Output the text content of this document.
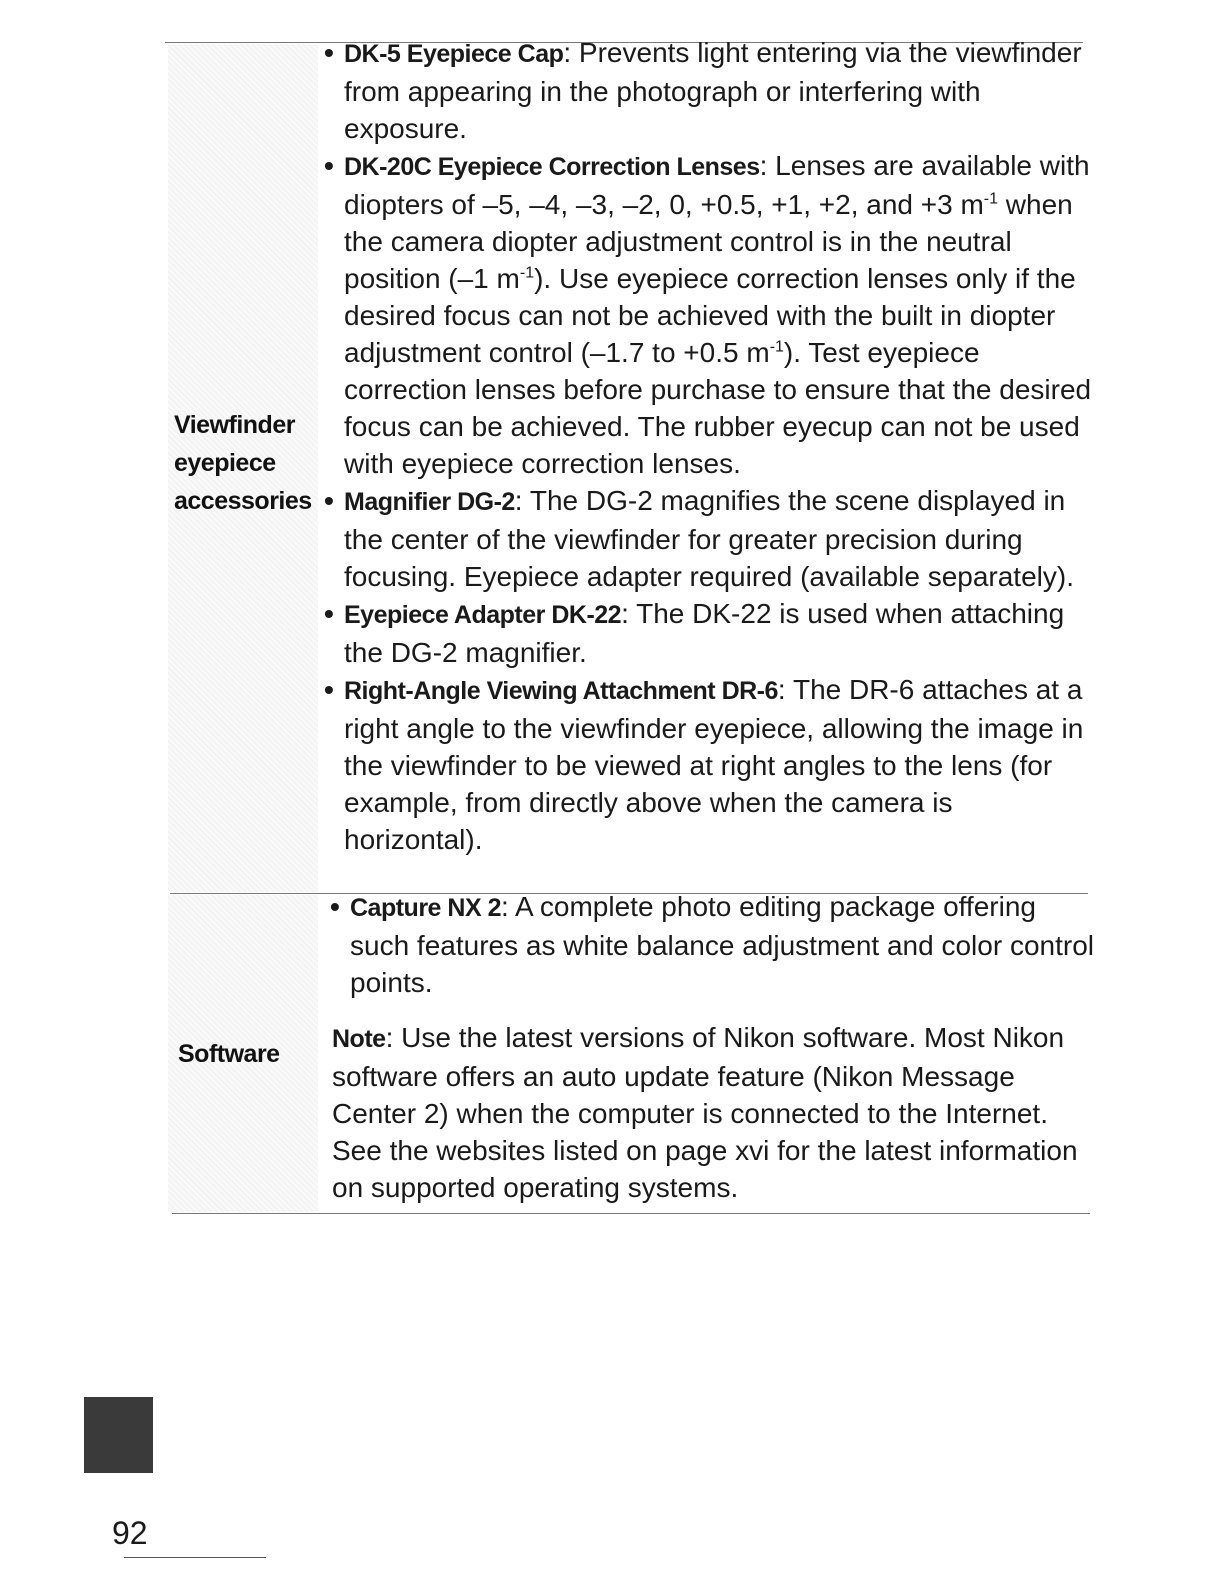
Viewfinder eyepiece accessories

• DK-5 Eyepiece Cap: Prevents light entering via the viewfinder from appearing in the photograph or interfering with exposure.

• DK-20C Eyepiece Correction Lenses: Lenses are available with diopters of –5, –4, –3, –2, 0, +0.5, +1, +2, and +3 $m^{-1}$ when the camera diopter adjustment control is in the neutral position (–1 $m^{-1}$). Use eyepiece correction lenses only if the desired focus can not be achieved with the built in diopter adjustment control (–1.7 to +0.5 $m^{-1}$). Test eyepiece correction lenses before purchase to ensure that the desired focus can be achieved. The rubber eyecup can not be used with eyepiece correction lenses.

• Magnifier DG-2: The DG-2 magnifies the scene displayed in the center of the viewfinder for greater precision during focusing. Eyepiece adapter required (available separately).

• Eyepiece Adapter DK-22: The DK-22 is used when attaching the DG-2 magnifier.

• Right-Angle Viewing Attachment DR-6: The DR-6 attaches at a right angle to the viewfinder eyepiece, allowing the image in the viewfinder to be viewed at right angles to the lens (for example, from directly above when the camera is horizontal).

Software

• Capture NX 2: A complete photo editing package offering such features as white balance adjustment and color control points.

Note: Use the latest versions of Nikon software. Most Nikon software offers an auto update feature (Nikon Message Center 2) when the computer is connected to the Internet. See the websites listed on page xvi for the latest information on supported operating systems.

92
